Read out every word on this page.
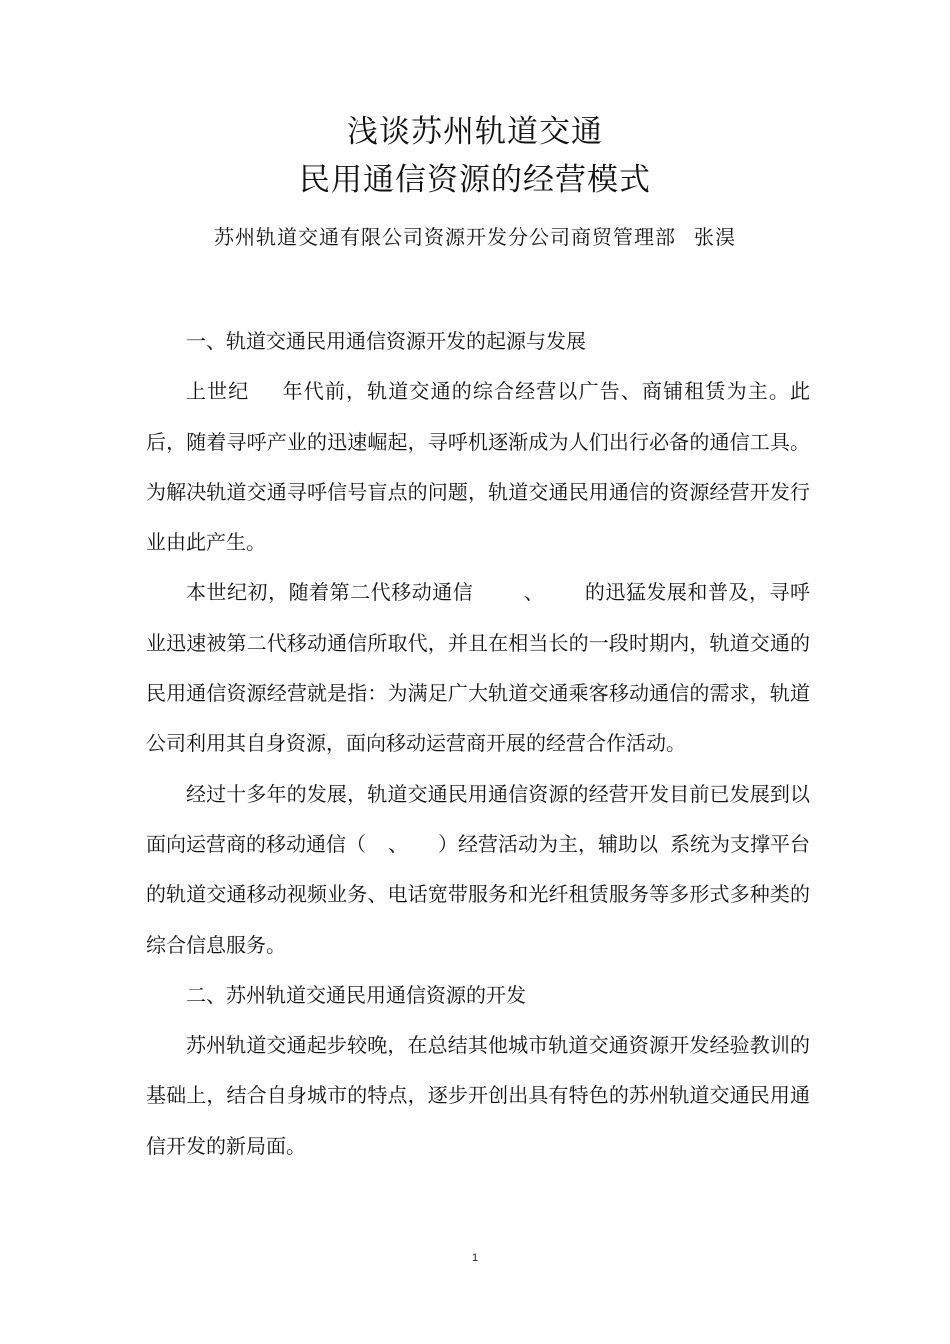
浅谈苏州轨道交通
民用通信资源的经营模式
苏州轨道交通有限公司资源开发分公司商贸管理部 张淏

一、轨道交通民用通信资源开发的起源与发展

上世纪 年代前，轨道交通的综合经营以广告、商铺租赁为主。此后，随着寻呼产业的迅速崛起，寻呼机逐渐成为人们出行必备的通信工具。为解决轨道交通寻呼信号盲点的问题，轨道交通民用通信的资源经营开发行业由此产生。

本世纪初，随着第二代移动通信	、 的迅猛发展和普及，寻呼业迅速被第二代移动通信所取代，并且在相当长的一段时期内，轨道交通的民用通信资源经营就是指：为满足广大轨道交通乘客移动通信的需求，轨道公司利用其自身资源，面向移动运营商开展的经营合作活动。

经过十多年的发展，轨道交通民用通信资源的经营开发目前已发展到以面向运营商的移动通信（ 、 ）经营活动为主，辅助以 系统为支撑平台的轨道交通移动视频业务、电话宽带服务和光纤租赁服务等多形式多种类的综合信息服务。

二、苏州轨道交通民用通信资源的开发

苏州轨道交通起步较晚，在总结其他城市轨道交通资源开发经验教训的基础上，结合自身城市的特点，逐步开创出具有特色的苏州轨道交通民用通信开发的新局面。

1
